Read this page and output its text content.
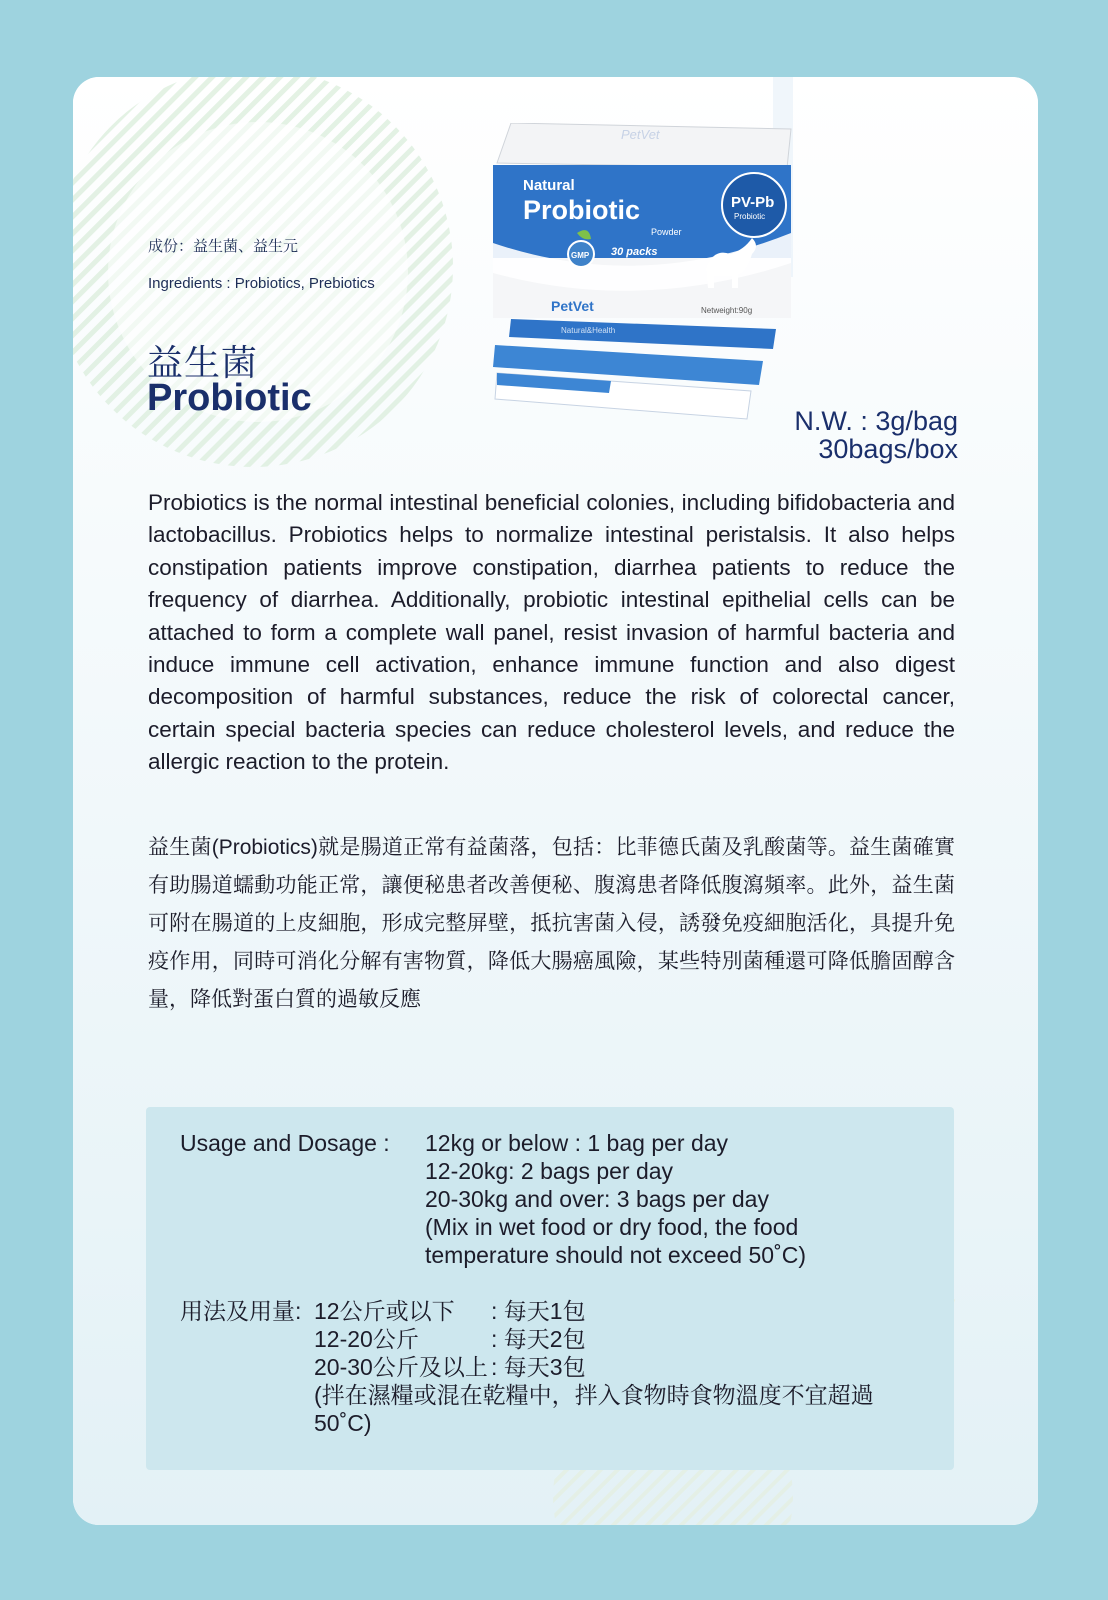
成份：益生菌、益生元
Ingredients : Probiotics, Prebiotics
益生菌
Probiotic
PetVet
Natural
Probiotic
Powder
PV-Pb
Probiotic
GMP 30 packs
PetVet	Netweight:90g
Natural&Health
N.W. : 3g/bag
30bags/box
Probiotics is the normal intestinal beneficial colonies, including bifidobacteria and lactobacillus. Probiotics helps to normalize intestinal peristalsis. It also helps constipation patients improve constipation, diarrhea patients to reduce the frequency of diarrhea. Additionally, probiotic intestinal epithelial cells can be attached to form a complete wall panel, resist invasion of harmful bacteria and induce immune cell activation, enhance immune function and also digest decomposition of harmful substances, reduce the risk of colorectal cancer, certain special bacteria species can reduce cholesterol levels, and reduce the allergic reaction to the protein.
益生菌(Probiotics)就是腸道正常有益菌落，包括：比菲德氏菌及乳酸菌等。益生菌確實有助腸道蠕動功能正常，讓便秘患者改善便秘、腹瀉患者降低腹瀉頻率。此外，益生菌可附在腸道的上皮細胞，形成完整屏壁，抵抗害菌入侵，誘發免疫細胞活化，具提升免疫作用，同時可消化分解有害物質，降低大腸癌風險，某些特別菌種還可降低膽固醇含量，降低對蛋白質的過敏反應
Usage and Dosage : 12kg or below : 1 bag per day
12-20kg: 2 bags per day
20-30kg and over: 3 bags per day
(Mix in wet food or dry food, the food
temperature should not exceed 50˚C)
用法及用量: 12公斤或以下 : 每天1包
12-20公斤	: 每天2包
20-30公斤及以上 : 每天3包
(拌在濕糧或混在乾糧中，拌入食物時食物溫度不宜超過
50˚C)
